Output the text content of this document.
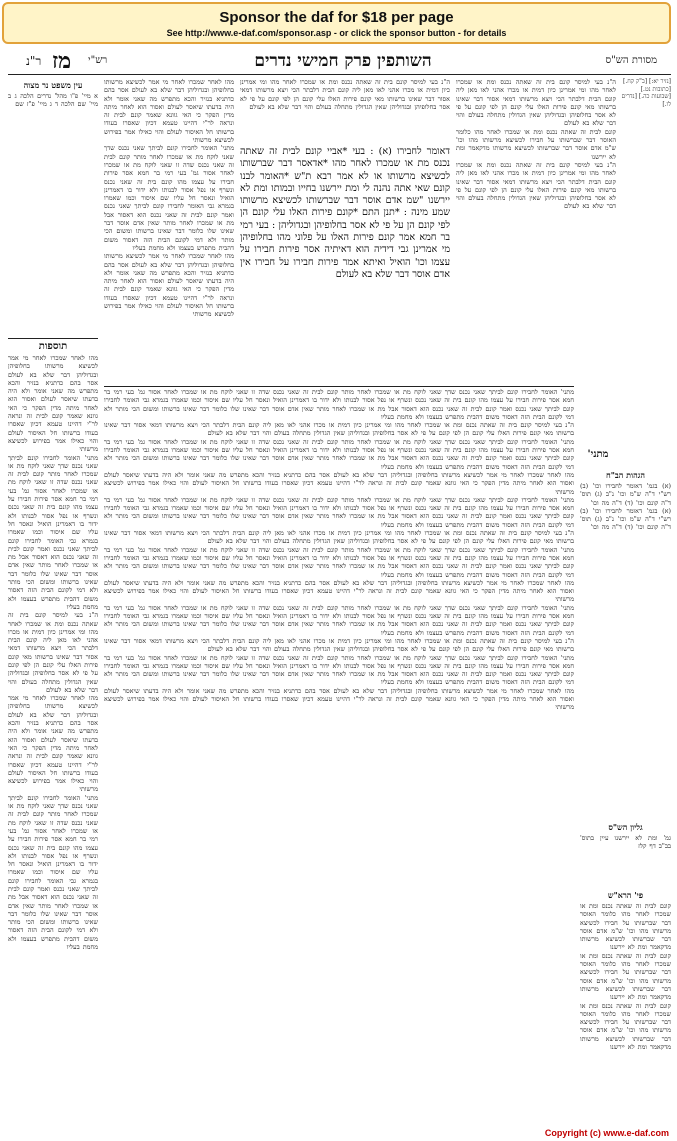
Sponsor the daf for $18 per page
See http://www.e-daf.com/sponsor.asp - or click the sponsor button - for details
ר"נ מז רש"י	השותפין פרק חמישי נדרים	מסורת הש"ס
עין משפט נר מצוה
א מיי' פ"ו מהל' נדרים הלכה ג ב מיי' שם הלכה ד ג מיי' פ"ז שם
תוספות
מהו לאחר שמכרו לאחר מי אמר לכשיצא מרשותו בחלופיהן ובגדוליהן דבר שלא בא לעולם אסר בהם כדתניא בנזיר והכא מתפרש מה שאני אומר ולא היה בדעתו שיאסר לעולם ואסור הוא לאחר מיתה מדין הפקר כי האי גוונא שאמר קונם לבית זה ונראה לר"י דהיינו טעמא דכיון שאסרו בעודו ברשותו חל האיסור לעולם והוי כאילו אמר בפירוש לכשיצא מרשותי
מתני' האומר לחבירו קונם לביתך שאני נכנס שדך שאני לוקח מת או שמכרו לאחר מותר קונם לבית זה שאני נכנס שדה זו שאני לוקח מת או שמכרו לאחר אסור גמ' בעי רמי בר חמא אסר פירות חבירו על עצמו מהו קונם בית זה שאני נכנס ונשרף או נפל אסור לבנותו ולא ידור בו דאמרינן הואיל ונאסר חל עליו שם איסור וכמו שאמרו בגמרא גבי האומר לחבירו קונם לביתך שאני נכנס ואמר קונם לבית זה שאני נכנס הוא דאסור אבל מת או שמכרו לאחר מותר שאין אדם אוסר דבר שאינו שלו כלומר דבר שאינו ברשותו ומשום הכי מותר ולא דמי לקונם הבית הזה דאסור משום דהבית מתפרש בעצמו ולא מחמת בעליו
ה"נ בעי למיסר קונם בית זה שאתה נכנס ומת או שמכרו לאחר מהו ומי אמרינן כיון דמית או מכרו אהני לאו מאן ליה קונם הבית דלבתר הכי ויצא מרשותו דמאי אסור דבר שאינו ברשותו מאי קונם פירות האלו עלי קונם הן לפי קונם על פי לא אסר בחלופיהן ובגדוליהן שאין הגדולין מתחלה בעולם והוי דבר שלא בא לעולם
מהו לאחר שמכרו לאחר מי אמר לכשיצא מרשותו בחלופיהן ובגדוליהן דבר שלא בא לעולם אסר בהם כדתניא בנזיר והכא מתפרש מה שאני אומר ולא היה בדעתו שיאסר לעולם ואסור הוא לאחר מיתה מדין הפקר כי האי גוונא שאמר קונם לבית זה ונראה לר"י דהיינו טעמא דכיון שאסרו בעודו ברשותו חל האיסור לעולם והוי כאילו אמר בפירוש לכשיצא מרשותי
מתני' האומר לחבירו קונם לביתך שאני נכנס שדך שאני לוקח מת או שמכרו לאחר מותר קונם לבית זה שאני נכנס שדה זו שאני לוקח מת או שמכרו לאחר אסור גמ' בעי רמי בר חמא אסר פירות חבירו על עצמו מהו קונם בית זה שאני נכנס ונשרף או נפל אסור לבנותו ולא ידור בו דאמרינן הואיל ונאסר חל עליו שם איסור וכמו שאמרו בגמרא גבי האומר לחבירו קונם לביתך שאני נכנס ואמר קונם לבית זה שאני נכנס הוא דאסור אבל מת או שמכרו לאחר מותר שאין אדם אוסר דבר שאינו שלו כלומר דבר שאינו ברשותו ומשום הכי מותר ולא דמי לקונם הבית הזה דאסור משום דהבית מתפרש בעצמו ולא מחמת בעליו
מהו לאחר שמכרו לאחר מי אמר לכשיצא מרשותו בחלופיהן ובגדוליהן דבר שלא בא לעולם אסר בהם כדתניא בנזיר והכא מתפרש מה שאני אומר ולא היה בדעתו שיאסר לעולם ואסור הוא לאחר מיתה מדין הפקר כי האי גוונא שאמר קונם לבית זה ונראה לר"י דהיינו טעמא דכיון שאסרו בעודו ברשותו חל האיסור לעולם והוי כאילו אמר בפירוש לכשיצא מרשותי
מתני' האומר לחבירו קונם לביתך שאני נכנס שדך שאני לוקח מת או שמכרו לאחר מותר קונם לבית זה שאני נכנס שדה זו שאני לוקח מת או שמכרו לאחר אסור גמ' בעי רמי בר חמא אסר פירות חבירו על עצמו מהו קונם בית זה שאני נכנס ונשרף או נפל אסור לבנותו ולא ידור בו דאמרינן הואיל ונאסר חל עליו שם איסור וכמו שאמרו בגמרא גבי האומר לחבירו קונם לביתך שאני נכנס ואמר קונם לבית זה שאני נכנס הוא דאסור אבל מת או שמכרו לאחר מותר שאין אדם אוסר דבר שאינו שלו כלומר דבר שאינו ברשותו ומשום הכי מותר ולא דמי לקונם הבית הזה דאסור משום דהבית מתפרש בעצמו ולא מחמת בעליו
מהו לאחר שמכרו לאחר מי אמר לכשיצא מרשותו בחלופיהן ובגדוליהן דבר שלא בא לעולם אסר בהם כדתניא בנזיר והכא מתפרש מה שאני אומר ולא היה בדעתו שיאסר לעולם ואסור הוא לאחר מיתה מדין הפקר כי האי גוונא שאמר קונם לבית זה ונראה לר"י דהיינו טעמא דכיון שאסרו בעודו ברשותו חל האיסור לעולם והוי כאילו אמר בפירוש לכשיצא מרשותי
דאומר לחבירו (א) : בעי *אביי קונם לבית זה שאתה נכנס מת או שמכרו לאחר מהו *אדאסר דבר שברשותו לכשיצא מרשותו או לא אמר רבא ת"ש *האומר לבנו קונם שאי אתה נהנה לי ומת יירשנו בחייו ובמותו ומת לא יירשנו "שמ אדם אוסר דבר שברשותו לכשיצא מרשותו שמע מינה : *תנן התם *קונם פירות האלו עלי קונם הן לפי קונם הן על פי לא אסר בחלופיהן ובגדוליהן : בעי רמי בר חמא אמר קונם פירות האלו על פלוני מהו בחלופיהן מי אמרינן גבי דידיה הוא דאיתיה אסר פירות חבירו על עצמו וכו' הואיל ואיתא אמר פירות חבירו על חבירו אין אדם אוסר דבר שלא בא לעולם
ה"נ בעי למיסר קונם בית זה שאתה נכנס ומת או שמכרו לאחר מהו ומי אמרינן כיון דמית או מכרו אהני לאו מאן ליה קונם הבית דלבתר הכי ויצא מרשותו דמאי אסור דבר שאינו ברשותו מאי קונם פירות האלו עלי קונם הן לפי קונם על פי לא אסר בחלופיהן ובגדוליהן שאין הגדולין מתחלה בעולם והוי דבר שלא בא לעולם
קונם לבית זה שאתה נכנס ומת או שמכרו לאחר מהו כלומר האוסר דבר שברשותו על חבירו לכשיצא מרשותו מהו וכו' ש"מ אדם אוסר דבר שברשותו לכשיצא מרשותו מדקאמר ומת לא יירשנו
ה"נ בעי למיסר קונם בית זה שאתה נכנס ומת או שמכרו לאחר מהו ומי אמרינן כיון דמית או מכרו אהני לאו מאן ליה קונם הבית דלבתר הכי ויצא מרשותו דמאי אסור דבר שאינו ברשותו מאי קונם פירות האלו עלי קונם הן לפי קונם על פי לא אסר בחלופיהן ובגדוליהן שאין הגדולין מתחלה בעולם והוי דבר שלא בא לעולם
ה"נ בעי למיסר קונם בית זה שאתה נכנס ומת או שמכרו לאחר מהו ומי אמרינן כיון דמית או מכרו אהני לאו מאן ליה קונם הבית דלבתר הכי ויצא מרשותו דמאי אסור דבר שאינו ברשותו מאי קונם פירות האלו עלי קונם הן לפי קונם על פי לא אסר בחלופיהן ובגדוליהן שאין הגדולין מתחלה בעולם והוי דבר שלא בא לעולם
[נזיר יא:] [ב"ק קח.] [כתובות נט.] [שבועות כה.] [נדרים לו.]
מתני'
מתני' האומר לחבירו קונם לביתך שאני נכנס שדך שאני לוקח מת או שמכרו לאחר מותר קונם לבית זה שאני נכנס שדה זו שאני לוקח מת או שמכרו לאחר אסור גמ' בעי רמי בר חמא אסר פירות חבירו על עצמו מהו קונם בית זה שאני נכנס ונשרף או נפל אסור לבנותו ולא ידור בו דאמרינן הואיל ונאסר חל עליו שם איסור וכמו שאמרו בגמרא גבי האומר לחבירו קונם לביתך שאני נכנס ואמר קונם לבית זה שאני נכנס הוא דאסור אבל מת או שמכרו לאחר מותר שאין אדם אוסר דבר שאינו שלו כלומר דבר שאינו ברשותו ומשום הכי מותר ולא דמי לקונם הבית הזה דאסור משום דהבית מתפרש בעצמו ולא מחמת בעליו
ה"נ בעי למיסר קונם בית זה שאתה נכנס ומת או שמכרו לאחר מהו ומי אמרינן כיון דמית או מכרו אהני לאו מאן ליה קונם הבית דלבתר הכי ויצא מרשותו דמאי אסור דבר שאינו ברשותו מאי קונם פירות האלו עלי קונם הן לפי קונם על פי לא אסר בחלופיהן ובגדוליהן שאין הגדולין מתחלה בעולם והוי דבר שלא בא לעולם
מתני' האומר לחבירו קונם לביתך שאני נכנס שדך שאני לוקח מת או שמכרו לאחר מותר קונם לבית זה שאני נכנס שדה זו שאני לוקח מת או שמכרו לאחר אסור גמ' בעי רמי בר חמא אסר פירות חבירו על עצמו מהו קונם בית זה שאני נכנס ונשרף או נפל אסור לבנותו ולא ידור בו דאמרינן הואיל ונאסר חל עליו שם איסור וכמו שאמרו בגמרא גבי האומר לחבירו קונם לביתך שאני נכנס ואמר קונם לבית זה שאני נכנס הוא דאסור אבל מת או שמכרו לאחר מותר שאין אדם אוסר דבר שאינו שלו כלומר דבר שאינו ברשותו ומשום הכי מותר ולא דמי לקונם הבית הזה דאסור משום דהבית מתפרש בעצמו ולא מחמת בעליו
מהו לאחר שמכרו לאחר מי אמר לכשיצא מרשותו בחלופיהן ובגדוליהן דבר שלא בא לעולם אסר בהם כדתניא בנזיר והכא מתפרש מה שאני אומר ולא היה בדעתו שיאסר לעולם ואסור הוא לאחר מיתה מדין הפקר כי האי גוונא שאמר קונם לבית זה ונראה לר"י דהיינו טעמא דכיון שאסרו בעודו ברשותו חל האיסור לעולם והוי כאילו אמר בפירוש לכשיצא מרשותי
מתני' האומר לחבירו קונם לביתך שאני נכנס שדך שאני לוקח מת או שמכרו לאחר מותר קונם לבית זה שאני נכנס שדה זו שאני לוקח מת או שמכרו לאחר אסור גמ' בעי רמי בר חמא אסר פירות חבירו על עצמו מהו קונם בית זה שאני נכנס ונשרף או נפל אסור לבנותו ולא ידור בו דאמרינן הואיל ונאסר חל עליו שם איסור וכמו שאמרו בגמרא גבי האומר לחבירו קונם לביתך שאני נכנס ואמר קונם לבית זה שאני נכנס הוא דאסור אבל מת או שמכרו לאחר מותר שאין אדם אוסר דבר שאינו שלו כלומר דבר שאינו ברשותו ומשום הכי מותר ולא דמי לקונם הבית הזה דאסור משום דהבית מתפרש בעצמו ולא מחמת בעליו
ה"נ בעי למיסר קונם בית זה שאתה נכנס ומת או שמכרו לאחר מהו ומי אמרינן כיון דמית או מכרו אהני לאו מאן ליה קונם הבית דלבתר הכי ויצא מרשותו דמאי אסור דבר שאינו ברשותו מאי קונם פירות האלו עלי קונם הן לפי קונם על פי לא אסר בחלופיהן ובגדוליהן שאין הגדולין מתחלה בעולם והוי דבר שלא בא לעולם
מתני' האומר לחבירו קונם לביתך שאני נכנס שדך שאני לוקח מת או שמכרו לאחר מותר קונם לבית זה שאני נכנס שדה זו שאני לוקח מת או שמכרו לאחר אסור גמ' בעי רמי בר חמא אסר פירות חבירו על עצמו מהו קונם בית זה שאני נכנס ונשרף או נפל אסור לבנותו ולא ידור בו דאמרינן הואיל ונאסר חל עליו שם איסור וכמו שאמרו בגמרא גבי האומר לחבירו קונם לביתך שאני נכנס ואמר קונם לבית זה שאני נכנס הוא דאסור אבל מת או שמכרו לאחר מותר שאין אדם אוסר דבר שאינו שלו כלומר דבר שאינו ברשותו ומשום הכי מותר ולא דמי לקונם הבית הזה דאסור משום דהבית מתפרש בעצמו ולא מחמת בעליו
מהו לאחר שמכרו לאחר מי אמר לכשיצא מרשותו בחלופיהן ובגדוליהן דבר שלא בא לעולם אסר בהם כדתניא בנזיר והכא מתפרש מה שאני אומר ולא היה בדעתו שיאסר לעולם ואסור הוא לאחר מיתה מדין הפקר כי האי גוונא שאמר קונם לבית זה ונראה לר"י דהיינו טעמא דכיון שאסרו בעודו ברשותו חל האיסור לעולם והוי כאילו אמר בפירוש לכשיצא מרשותי
מתני' האומר לחבירו קונם לביתך שאני נכנס שדך שאני לוקח מת או שמכרו לאחר מותר קונם לבית זה שאני נכנס שדה זו שאני לוקח מת או שמכרו לאחר אסור גמ' בעי רמי בר חמא אסר פירות חבירו על עצמו מהו קונם בית זה שאני נכנס ונשרף או נפל אסור לבנותו ולא ידור בו דאמרינן הואיל ונאסר חל עליו שם איסור וכמו שאמרו בגמרא גבי האומר לחבירו קונם לביתך שאני נכנס ואמר קונם לבית זה שאני נכנס הוא דאסור אבל מת או שמכרו לאחר מותר שאין אדם אוסר דבר שאינו שלו כלומר דבר שאינו ברשותו ומשום הכי מותר ולא דמי לקונם הבית הזה דאסור משום דהבית מתפרש בעצמו ולא מחמת בעליו
ה"נ בעי למיסר קונם בית זה שאתה נכנס ומת או שמכרו לאחר מהו ומי אמרינן כיון דמית או מכרו אהני לאו מאן ליה קונם הבית דלבתר הכי ויצא מרשותו דמאי אסור דבר שאינו ברשותו מאי קונם פירות האלו עלי קונם הן לפי קונם על פי לא אסר בחלופיהן ובגדוליהן שאין הגדולין מתחלה בעולם והוי דבר שלא בא לעולם
מתני' האומר לחבירו קונם לביתך שאני נכנס שדך שאני לוקח מת או שמכרו לאחר מותר קונם לבית זה שאני נכנס שדה זו שאני לוקח מת או שמכרו לאחר אסור גמ' בעי רמי בר חמא אסר פירות חבירו על עצמו מהו קונם בית זה שאני נכנס ונשרף או נפל אסור לבנותו ולא ידור בו דאמרינן הואיל ונאסר חל עליו שם איסור וכמו שאמרו בגמרא גבי האומר לחבירו קונם לביתך שאני נכנס ואמר קונם לבית זה שאני נכנס הוא דאסור אבל מת או שמכרו לאחר מותר שאין אדם אוסר דבר שאינו שלו כלומר דבר שאינו ברשותו ומשום הכי מותר ולא דמי לקונם הבית הזה דאסור משום דהבית מתפרש בעצמו ולא מחמת בעליו
מהו לאחר שמכרו לאחר מי אמר לכשיצא מרשותו בחלופיהן ובגדוליהן דבר שלא בא לעולם אסר בהם כדתניא בנזיר והכא מתפרש מה שאני אומר ולא היה בדעתו שיאסר לעולם ואסור הוא לאחר מיתה מדין הפקר כי האי גוונא שאמר קונם לבית זה ונראה לר"י דהיינו טעמא דכיון שאסרו בעודו ברשותו חל האיסור לעולם והוי כאילו אמר בפירוש לכשיצא מרשותי
הגהות הב"ח
(א) בגמ' דאומר לחבירו וכו' (ב) רש"י ד"ה ש"מ וכו' נ"ב (ג) תוס' ד"ה קונם וכו' (ד) ד"ה מה וכו'
(א) בגמ' דאומר לחבירו וכו' (ב) רש"י ד"ה ש"מ וכו' נ"ב (ג) תוס' ד"ה קונם וכו' (ד) ד"ה מה וכו'
גליון הש"ס
גמ' ומת לא יירשנו עיין בתוס' בב"ב דף קלז
פי' הרא"ש
קונם לבית זה שאתה נכנס ומת או שמכרו לאחר מהו כלומר האוסר דבר שברשותו על חבירו לכשיצא מרשותו מהו וכו' ש"מ אדם אוסר דבר שברשותו לכשיצא מרשותו מדקאמר ומת לא יירשנו
קונם לבית זה שאתה נכנס ומת או שמכרו לאחר מהו כלומר האוסר דבר שברשותו על חבירו לכשיצא מרשותו מהו וכו' ש"מ אדם אוסר דבר שברשותו לכשיצא מרשותו מדקאמר ומת לא יירשנו
קונם לבית זה שאתה נכנס ומת או שמכרו לאחר מהו כלומר האוסר דבר שברשותו על חבירו לכשיצא מרשותו מהו וכו' ש"מ אדם אוסר דבר שברשותו לכשיצא מרשותו מדקאמר ומת לא יירשנו
Copyright (c) www.e-daf.com
